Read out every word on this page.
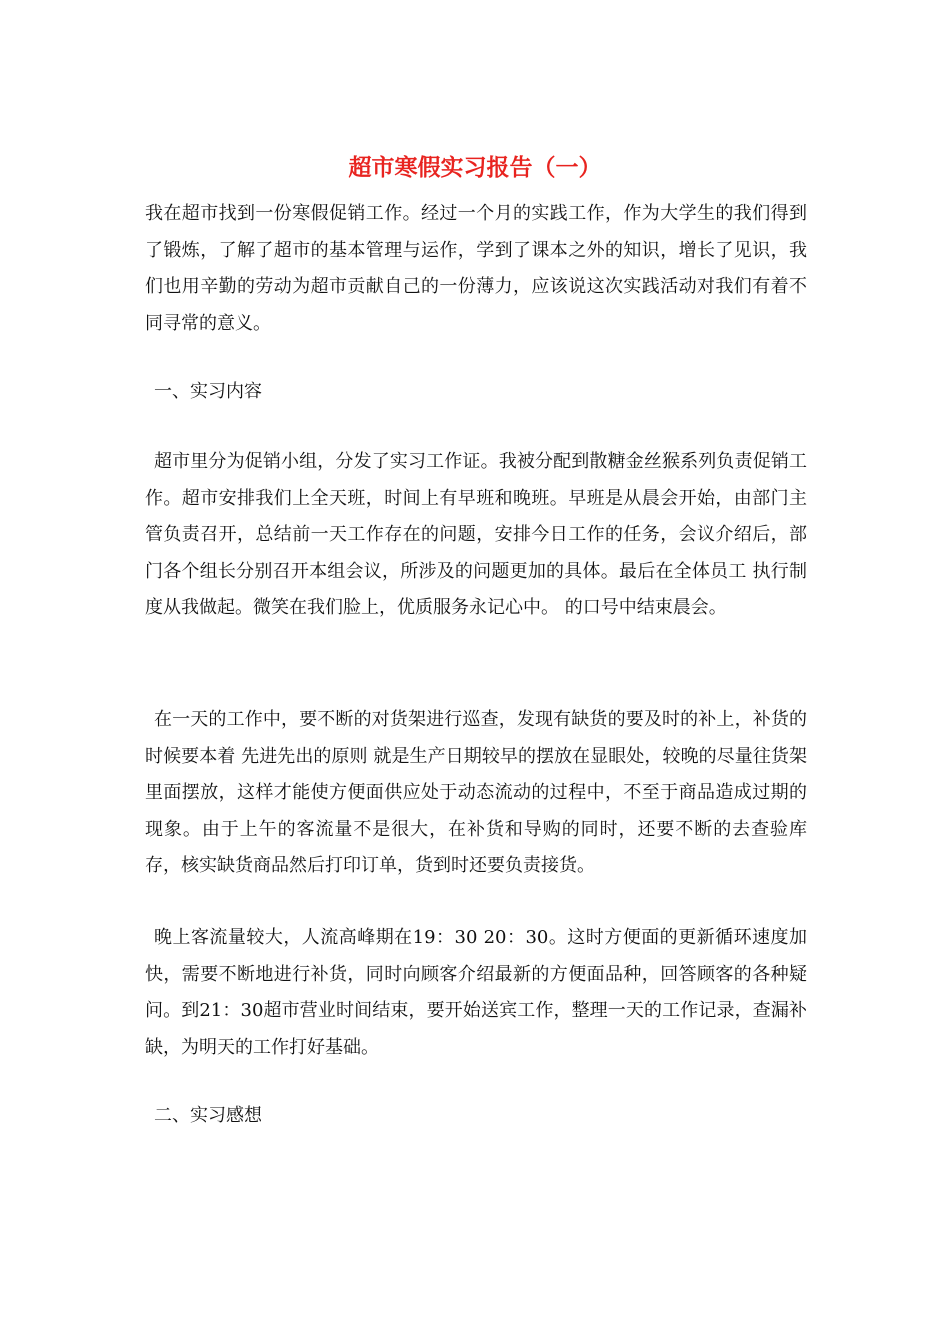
超市寒假实习报告（一）

我在超市找到一份寒假促销工作。经过一个月的实践工作，作为大学生的我们得到了锻炼，了解了超市的基本管理与运作，学到了课本之外的知识，增长了见识，我们也用辛勤的劳动为超市贡献自己的一份薄力，应该说这次实践活动对我们有着不同寻常的意义。

一、实习内容

超市里分为促销小组，分发了实习工作证。我被分配到散糖金丝猴系列负责促销工作。超市安排我们上全天班，时间上有早班和晚班。早班是从晨会开始，由部门主管负责召开，总结前一天工作存在的问题，安排今日工作的任务，会议介绍后，部门各个组长分别召开本组会议，所涉及的问题更加的具体。最后在全体员工 执行制度从我做起。微笑在我们脸上，优质服务永记心中。 的口号中结束晨会。

在一天的工作中，要不断的对货架进行巡查，发现有缺货的要及时的补上，补货的时候要本着 先进先出的原则 就是生产日期较早的摆放在显眼处，较晚的尽量往货架里面摆放，这样才能使方便面供应处于动态流动的过程中，不至于商品造成过期的现象。由于上午的客流量不是很大，在补货和导购的同时，还要不断的去查验库存，核实缺货商品然后打印订单，货到时还要负责接货。

晚上客流量较大，人流高峰期在19：30 20：30。这时方便面的更新循环速度加快，需要不断地进行补货，同时向顾客介绍最新的方便面品种，回答顾客的各种疑问。到21：30超市营业时间结束，要开始送宾工作，整理一天的工作记录，查漏补缺，为明天的工作打好基础。

二、实习感想
